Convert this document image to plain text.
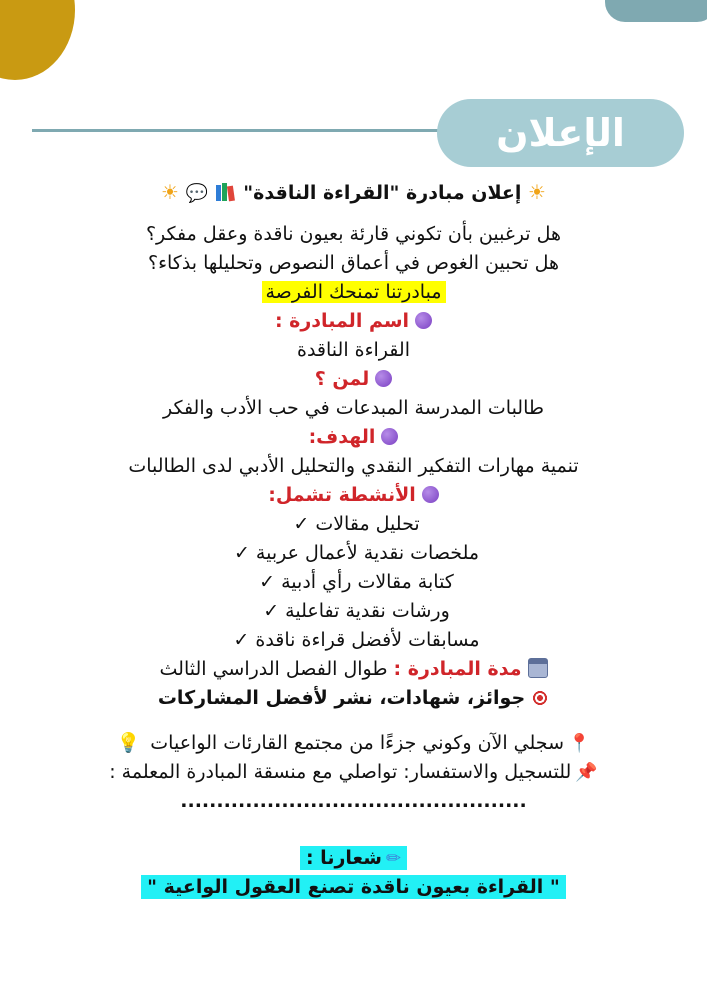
الإعلان
☀ إعلان مبادرة "القراءة الناقدة"  💬 ☀
هل ترغبين بأن تكوني قارئة بعيون ناقدة وعقل مفكر؟
هل تحبين الغوص في أعماق النصوص وتحليلها بذكاء؟
مبادرتنا تمنحك الفرصة
اسم المبادرة :
القراءة الناقدة
لمن ؟
طالبات المدرسة المبدعات في حب الأدب والفكر
الهدف:
تنمية مهارات التفكير النقدي والتحليل الأدبي لدى الطالبات
الأنشطة تشمل:
تحليل مقالات ✓
ملخصات نقدية لأعمال عربية ✓
كتابة مقالات رأي أدبية ✓
ورشات نقدية تفاعلية ✓
مسابقات لأفضل قراءة ناقدة ✓
مدة المبادرة : طوال الفصل الدراسي الثالث
جوائز، شهادات، نشر لأفضل المشاركات
📍سجلي الآن وكوني جزءًا من مجتمع القارئات الواعيات 💡
📌للتسجيل والاستفسار: تواصلي مع منسقة المبادرة المعلمة :
................................................
✏شعارنا :
" القراءة بعيون ناقدة تصنع العقول الواعية "
